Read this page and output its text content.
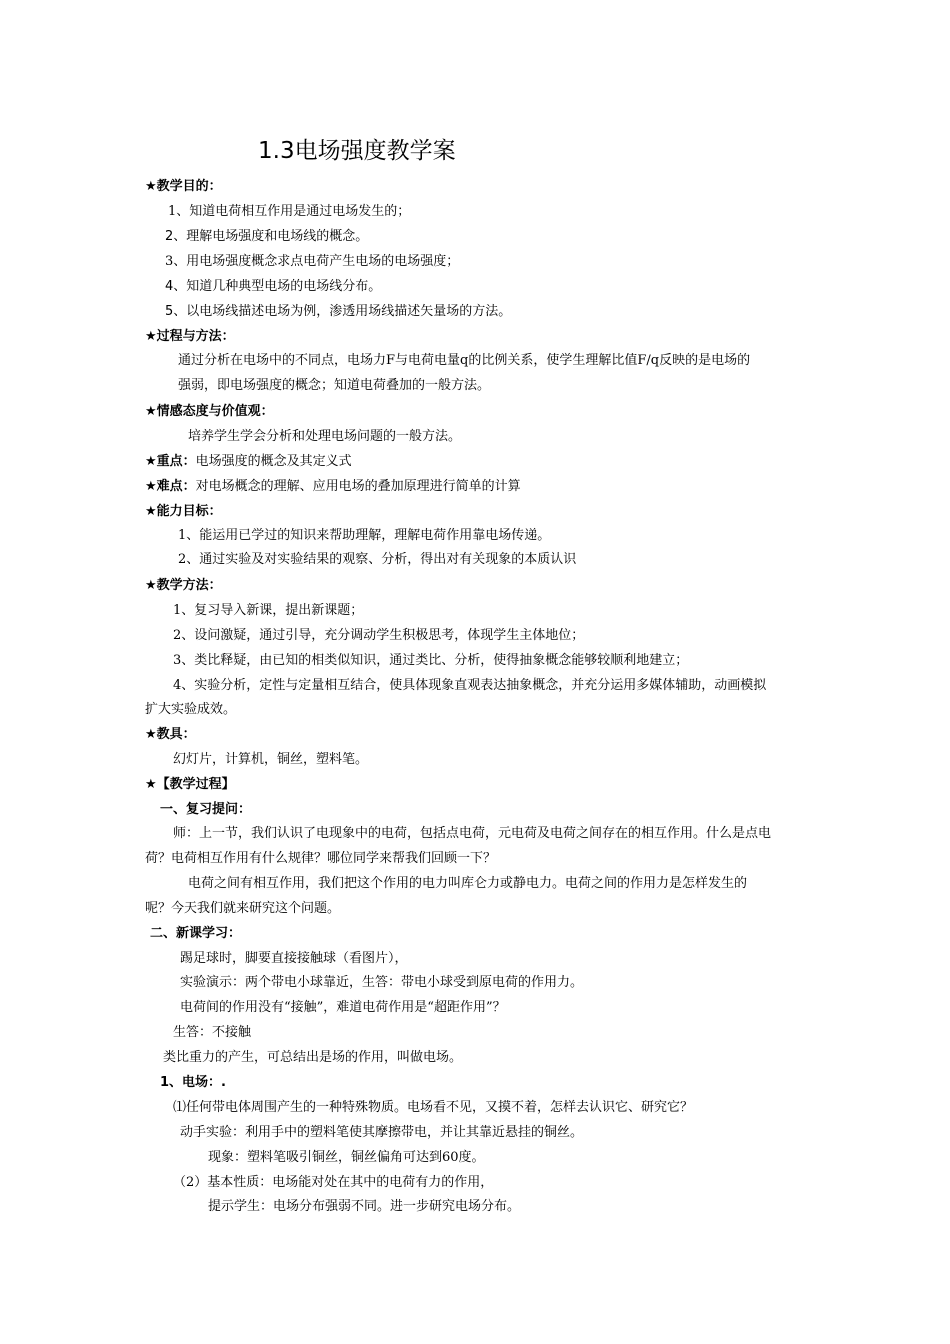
1.3电场强度教学案
★教学目的：
1、知道电荷相互作用是通过电场发生的；
2、理解电场强度和电场线的概念。
3、用电场强度概念求点电荷产生电场的电场强度；
4、知道几种典型电场的电场线分布。
5、以电场线描述电场为例，渗透用场线描述矢量场的方法。
★过程与方法：
通过分析在电场中的不同点，电场力F与电荷电量q的比例关系，使学生理解比值F/q反映的是电场的
强弱，即电场强度的概念；知道电荷叠加的一般方法。
★情感态度与价值观：
培养学生学会分析和处理电场问题的一般方法。
★重点：电场强度的概念及其定义式
★难点：对电场概念的理解、应用电场的叠加原理进行简单的计算
★能力目标：
1、能运用已学过的知识来帮助理解，理解电荷作用靠电场传递。
2、通过实验及对实验结果的观察、分析，得出对有关现象的本质认识
★教学方法：
1、复习导入新课，提出新课题；
2、设问激疑，通过引导，充分调动学生积极思考，体现学生主体地位；
3、类比释疑，由已知的相类似知识，通过类比、分析，使得抽象概念能够较顺利地建立；
4、实验分析，定性与定量相互结合，使具体现象直观表达抽象概念，并充分运用多媒体辅助，动画模拟
扩大实验成效。
★教具：
幻灯片，计算机，铜丝，塑料笔。
★【教学过程】
一、复习提问：
师：上一节，我们认识了电现象中的电荷，包括点电荷，元电荷及电荷之间存在的相互作用。什么是点电
荷？电荷相互作用有什么规律？哪位同学来帮我们回顾一下？
电荷之间有相互作用，我们把这个作用的电力叫库仑力或静电力。电荷之间的作用力是怎样发生的
呢？今天我们就来研究这个问题。
二、新课学习：
踢足球时，脚要直接接触球（看图片），
实验演示：两个带电小球靠近，生答：带电小球受到原电荷的作用力。
电荷间的作用没有“接触”，难道电荷作用是“超距作用”？
生答：不接触
类比重力的产生，可总结出是场的作用，叫做电场。
1、电场：.
⑴任何带电体周围产生的一种特殊物质。电场看不见，又摸不着，怎样去认识它、研究它？
动手实验：利用手中的塑料笔使其摩擦带电，并让其靠近悬挂的铜丝。
现象：塑料笔吸引铜丝，铜丝偏角可达到60度。
（2）基本性质：电场能对处在其中的电荷有力的作用，
提示学生：电场分布强弱不同。进一步研究电场分布。
